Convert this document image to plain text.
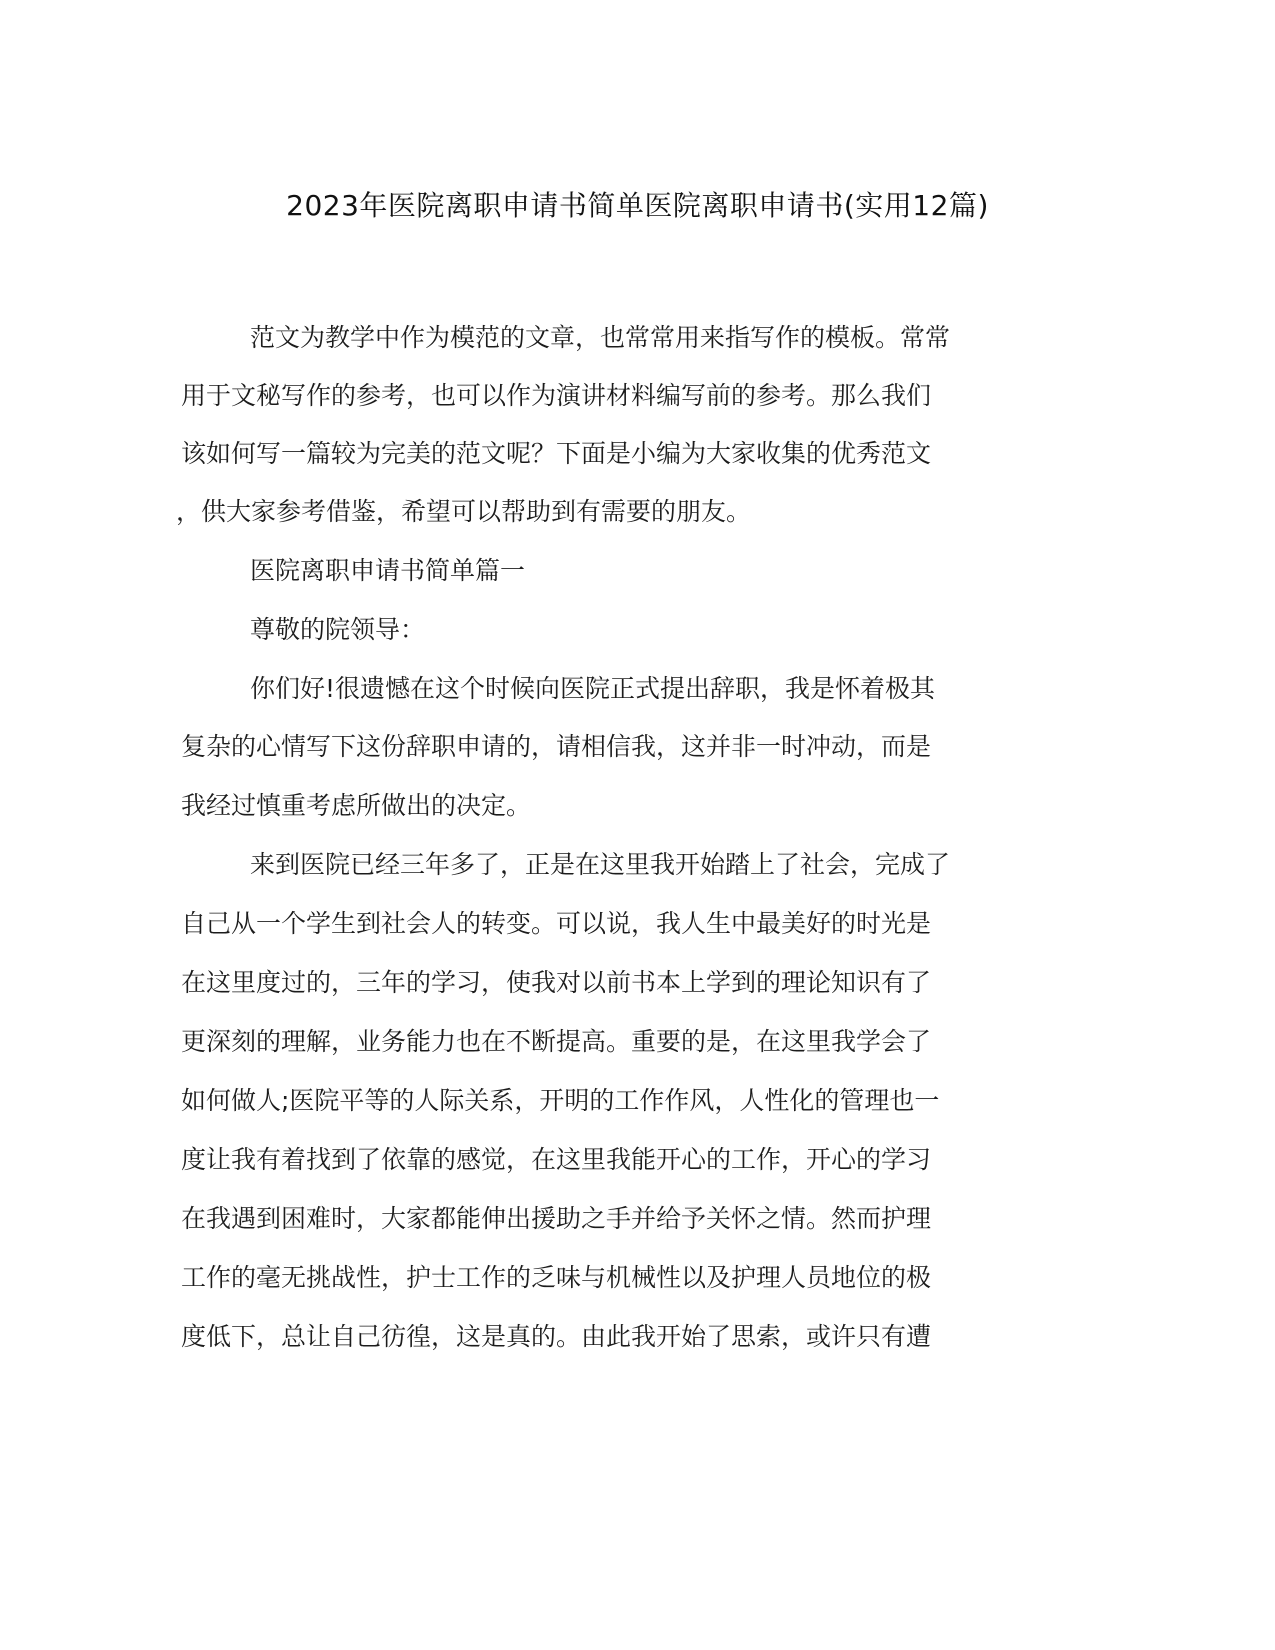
2023年医院离职申请书简单医院离职申请书(实用12篇)
范文为教学中作为模范的文章，也常常用来指写作的模板。常常
用于文秘写作的参考，也可以作为演讲材料编写前的参考。那么我们
该如何写一篇较为完美的范文呢？下面是小编为大家收集的优秀范文
，供大家参考借鉴，希望可以帮助到有需要的朋友。
医院离职申请书简单篇一
尊敬的院领导：
你们好!很遗憾在这个时候向医院正式提出辞职，我是怀着极其
复杂的心情写下这份辞职申请的，请相信我，这并非一时冲动，而是
我经过慎重考虑所做出的决定。
来到医院已经三年多了，正是在这里我开始踏上了社会，完成了
自己从一个学生到社会人的转变。可以说，我人生中最美好的时光是
在这里度过的，三年的学习，使我对以前书本上学到的理论知识有了
更深刻的理解，业务能力也在不断提高。重要的是，在这里我学会了
如何做人;医院平等的人际关系，开明的工作作风，人性化的管理也一
度让我有着找到了依靠的感觉，在这里我能开心的工作，开心的学习
在我遇到困难时，大家都能伸出援助之手并给予关怀之情。然而护理
工作的毫无挑战性，护士工作的乏味与机械性以及护理人员地位的极
度低下，总让自己彷徨，这是真的。由此我开始了思索，或许只有遭
